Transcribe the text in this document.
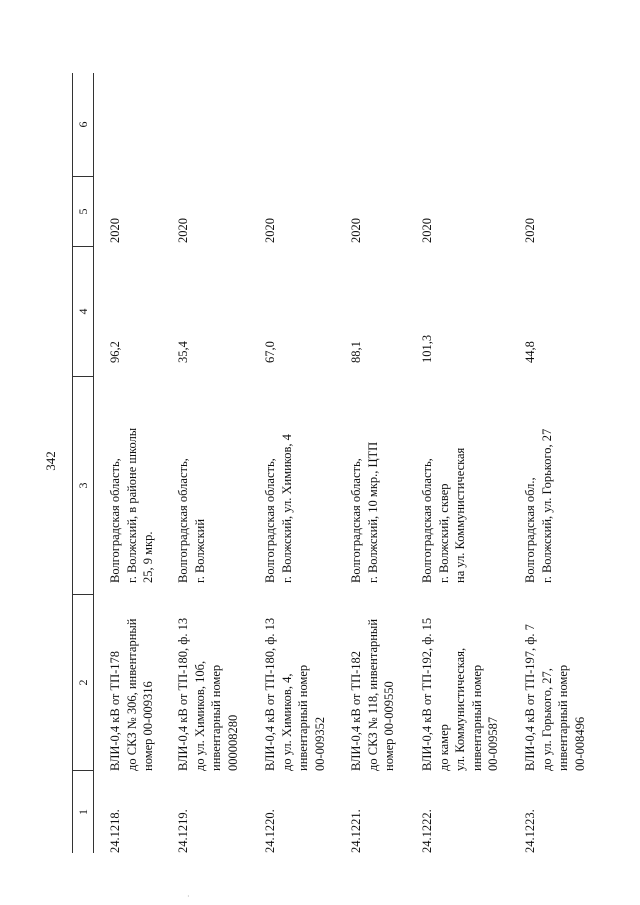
342
1
2
3
4
5
6
24.1218.
ВЛИ-0,4 кВ от ТП-178
до СКЗ № 306, инвентарный
номер 00-009316
Волгоградская область,
г. Волжский, в районе школы
25, 9 мкр.
96,2
2020
24.1219.
ВЛИ-0,4 кВ от ТП-180, ф. 13
до ул. Химиков, 10б,
инвентарный номер
000008280
Волгоградская область,
г. Волжский
35,4
2020
24.1220.
ВЛИ-0,4 кВ от ТП-180, ф. 13
до ул. Химиков, 4,
инвентарный номер
00-009352
Волгоградская область,
г. Волжский, ул. Химиков, 4
67,0
2020
24.1221.
ВЛИ-0,4 кВ от ТП-182
до СКЗ № 118, инвентарный
номер 00-009550
Волгоградская область,
г. Волжский, 10 мкр., ЦТП
88,1
2020
24.1222.
ВЛИ-0,4 кВ от ТП-192, ф. 15
до камер
ул. Коммунистическая,
инвентарный номер
00-009587
Волгоградская область,
г. Волжский, сквер
на ул. Коммунистическая
101,3
2020
24.1223.
ВЛИ-0,4 кВ от ТП-197, ф. 7
до ул. Горького, 27,
инвентарный номер
00-008496
Волгоградская обл.,
г. Волжский, ул. Горького, 27
44,8
2020
·
